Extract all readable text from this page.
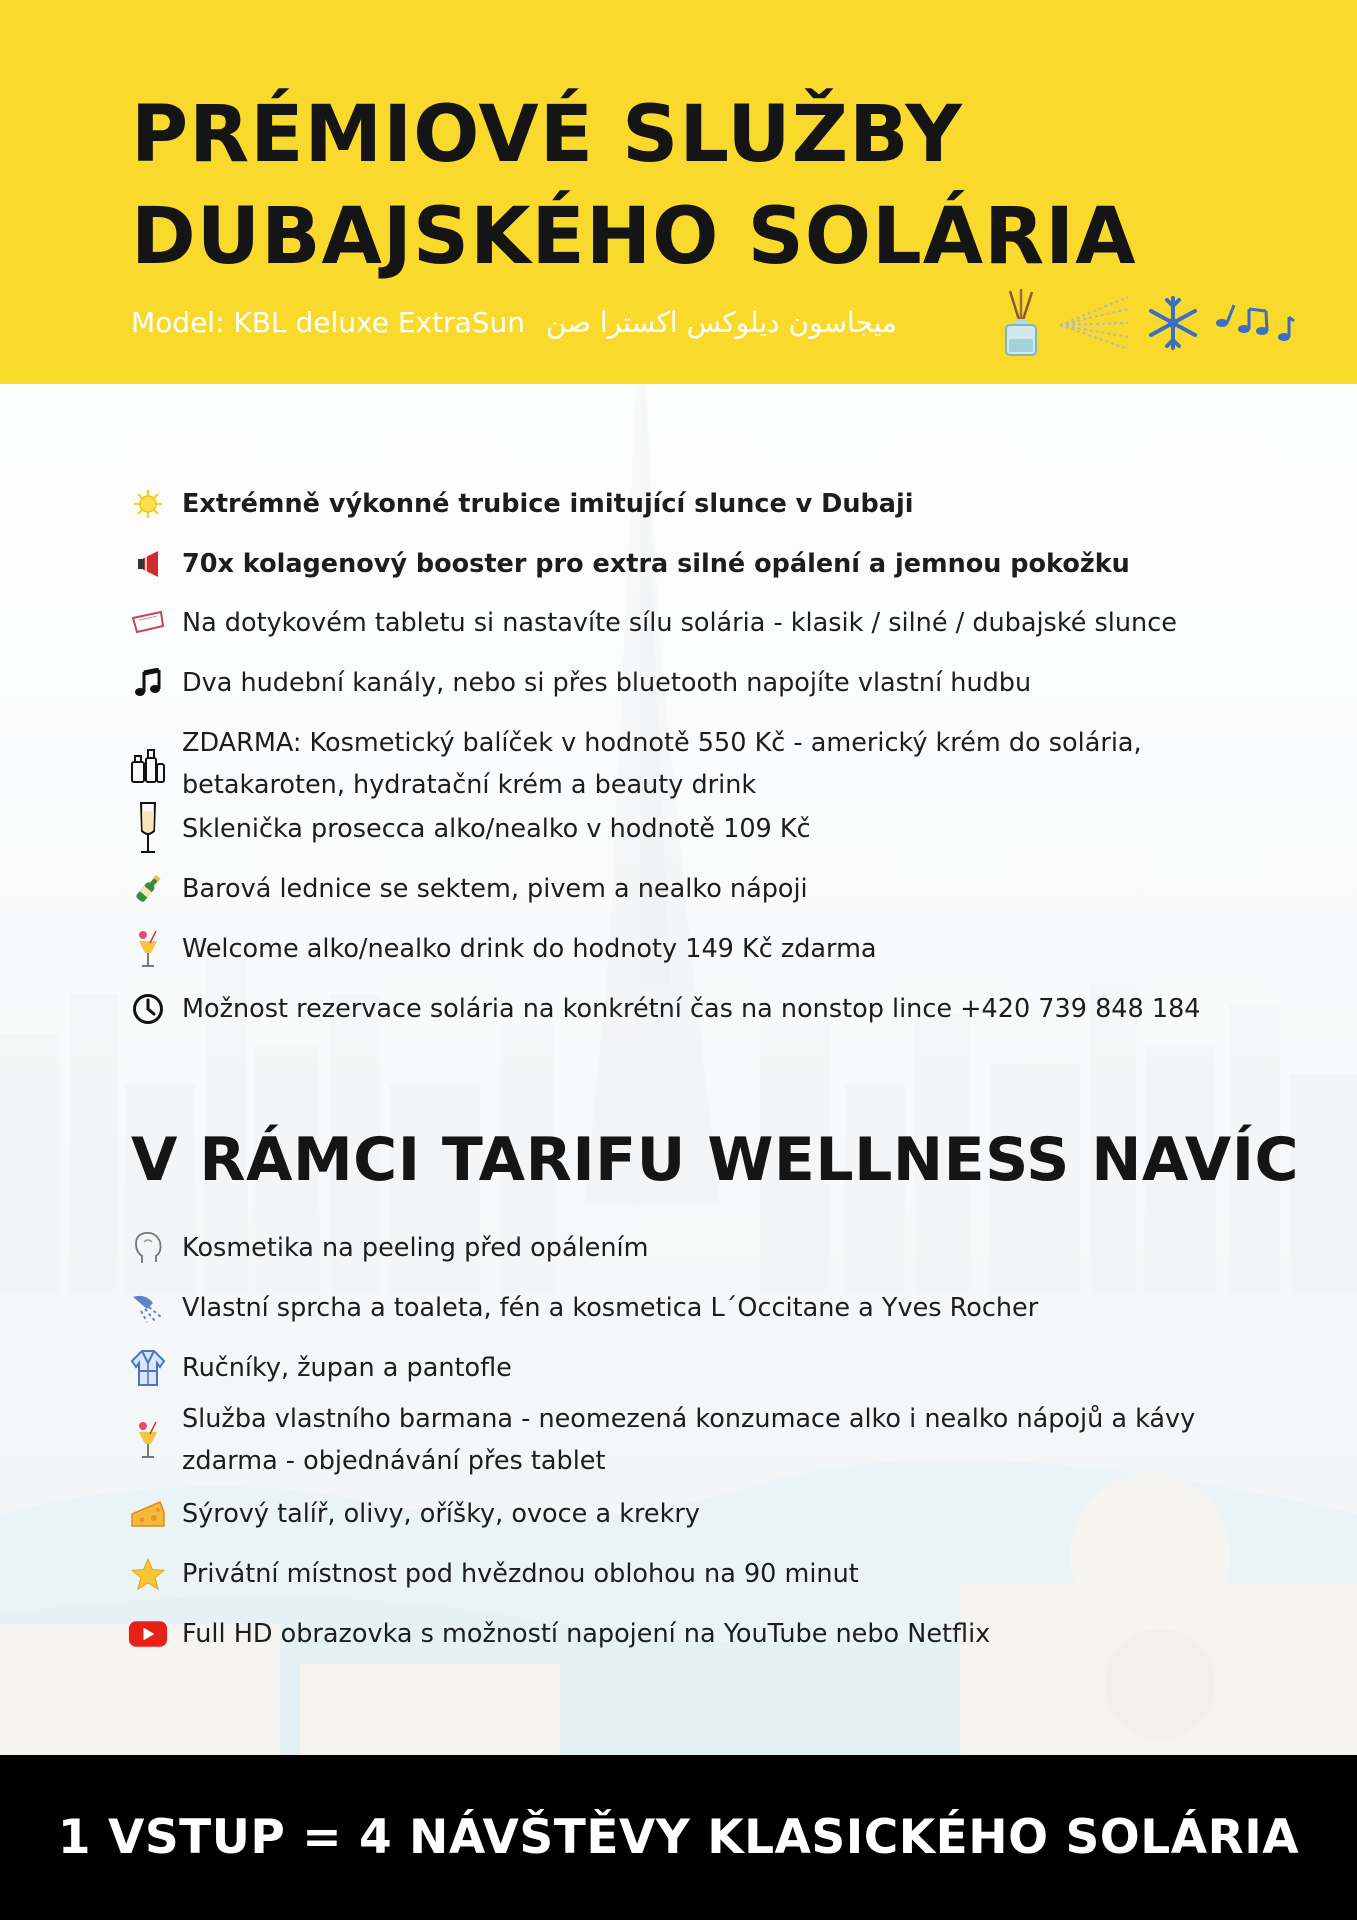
PRÉMIOVÉ SLUŽBY
DUBAJSKÉHO SOLÁRIA
Model: KBL deluxe ExtraSun ميجاسون ديلوكس اكسترا صن
Extrémně výkonné trubice imitující slunce v Dubaji
70x kolagenový booster pro extra silné opálení a jemnou pokožku
Na dotykovém tabletu si nastavíte sílu solária - klasik / silné / dubajské slunce
Dva hudební kanály, nebo si přes bluetooth napojíte vlastní hudbu
ZDARMA: Kosmetický balíček v hodnotě 550 Kč - americký krém do solária,
betakaroten, hydratační krém a beauty drink
Sklenička prosecca alko/nealko v hodnotě 109 Kč
Barová lednice se sektem, pivem a nealko nápoji
Welcome alko/nealko drink do hodnoty 149 Kč zdarma
Možnost rezervace solária na konkrétní čas na nonstop lince +420 739 848 184
V RÁMCI TARIFU WELLNESS NAVÍC
Kosmetika na peeling před opálením
Vlastní sprcha a toaleta, fén a kosmetica L´Occitane a Yves Rocher
Ručníky, župan a pantofle
Služba vlastního barmana - neomezená konzumace alko i nealko nápojů a kávy
zdarma - objednávání přes tablet
Sýrový talíř, olivy, oříšky, ovoce a krekry
Privátní místnost pod hvězdnou oblohou na 90 minut
Full HD obrazovka s možností napojení na YouTube nebo Netflix
1 VSTUP = 4 NÁVŠTĚVY KLASICKÉHO SOLÁRIA
